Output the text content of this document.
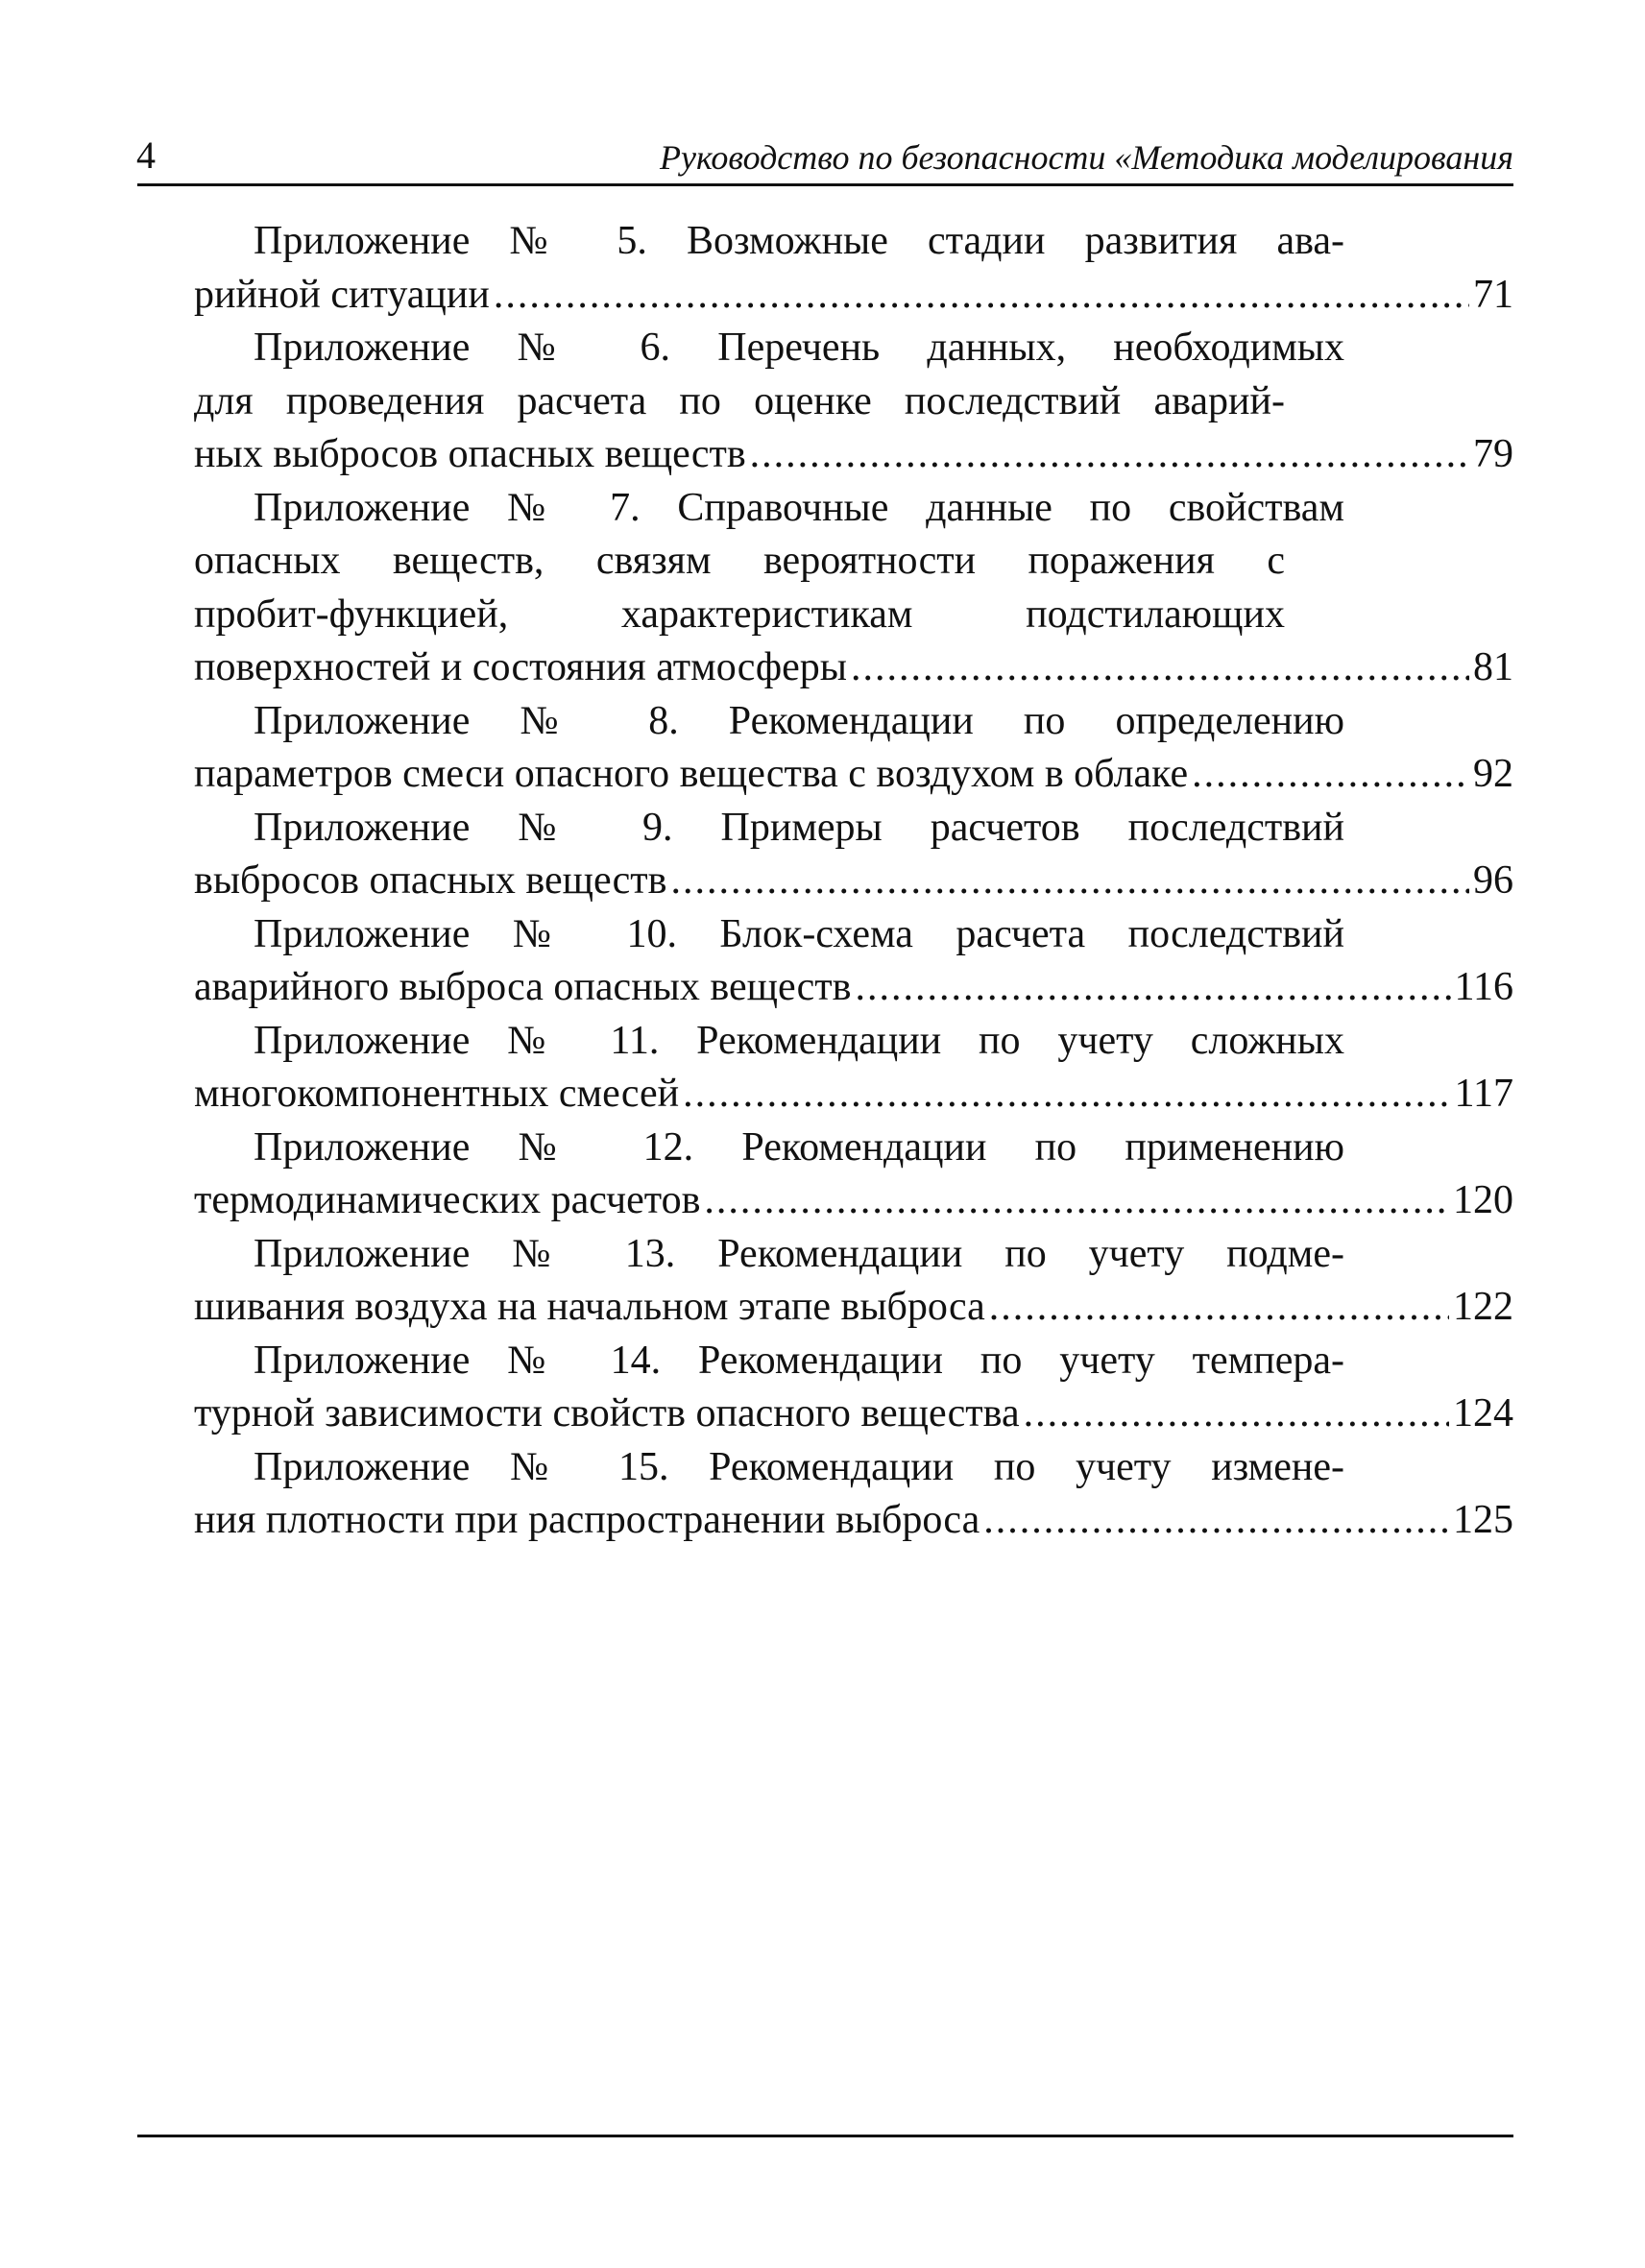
4	Руководство по безопасности «Методика моделирования
Приложение № 5. Возможные стадии развития ава-
рийной ситуации .....	71
Приложение № 6. Перечень данных, необходимых
для проведения расчета по оценке последствий аварий-
ных выбросов опасных веществ .....	79
Приложение № 7. Справочные данные по свойствам
опасных веществ, связям вероятности поражения с
пробит-функцией, характеристикам подстилающих
поверхностей и состояния атмосферы .....	81
Приложение № 8. Рекомендации по определению
параметров смеси опасного вещества с воздухом в облаке .....	92
Приложение № 9. Примеры расчетов последствий
выбросов опасных веществ .....	96
Приложение № 10. Блок-схема расчета последствий
аварийного выброса опасных веществ .....	116
Приложение № 11. Рекомендации по учету сложных
многокомпонентных смесей .....	117
Приложение № 12. Рекомендации по применению
термодинамических расчетов .....	120
Приложение № 13. Рекомендации по учету подме-
шивания воздуха на начальном этапе выброса .....	122
Приложение № 14. Рекомендации по учету темпера-
турной зависимости свойств опасного вещества .....	124
Приложение № 15. Рекомендации по учету измене-
ния плотности при распространении выброса .....	125
